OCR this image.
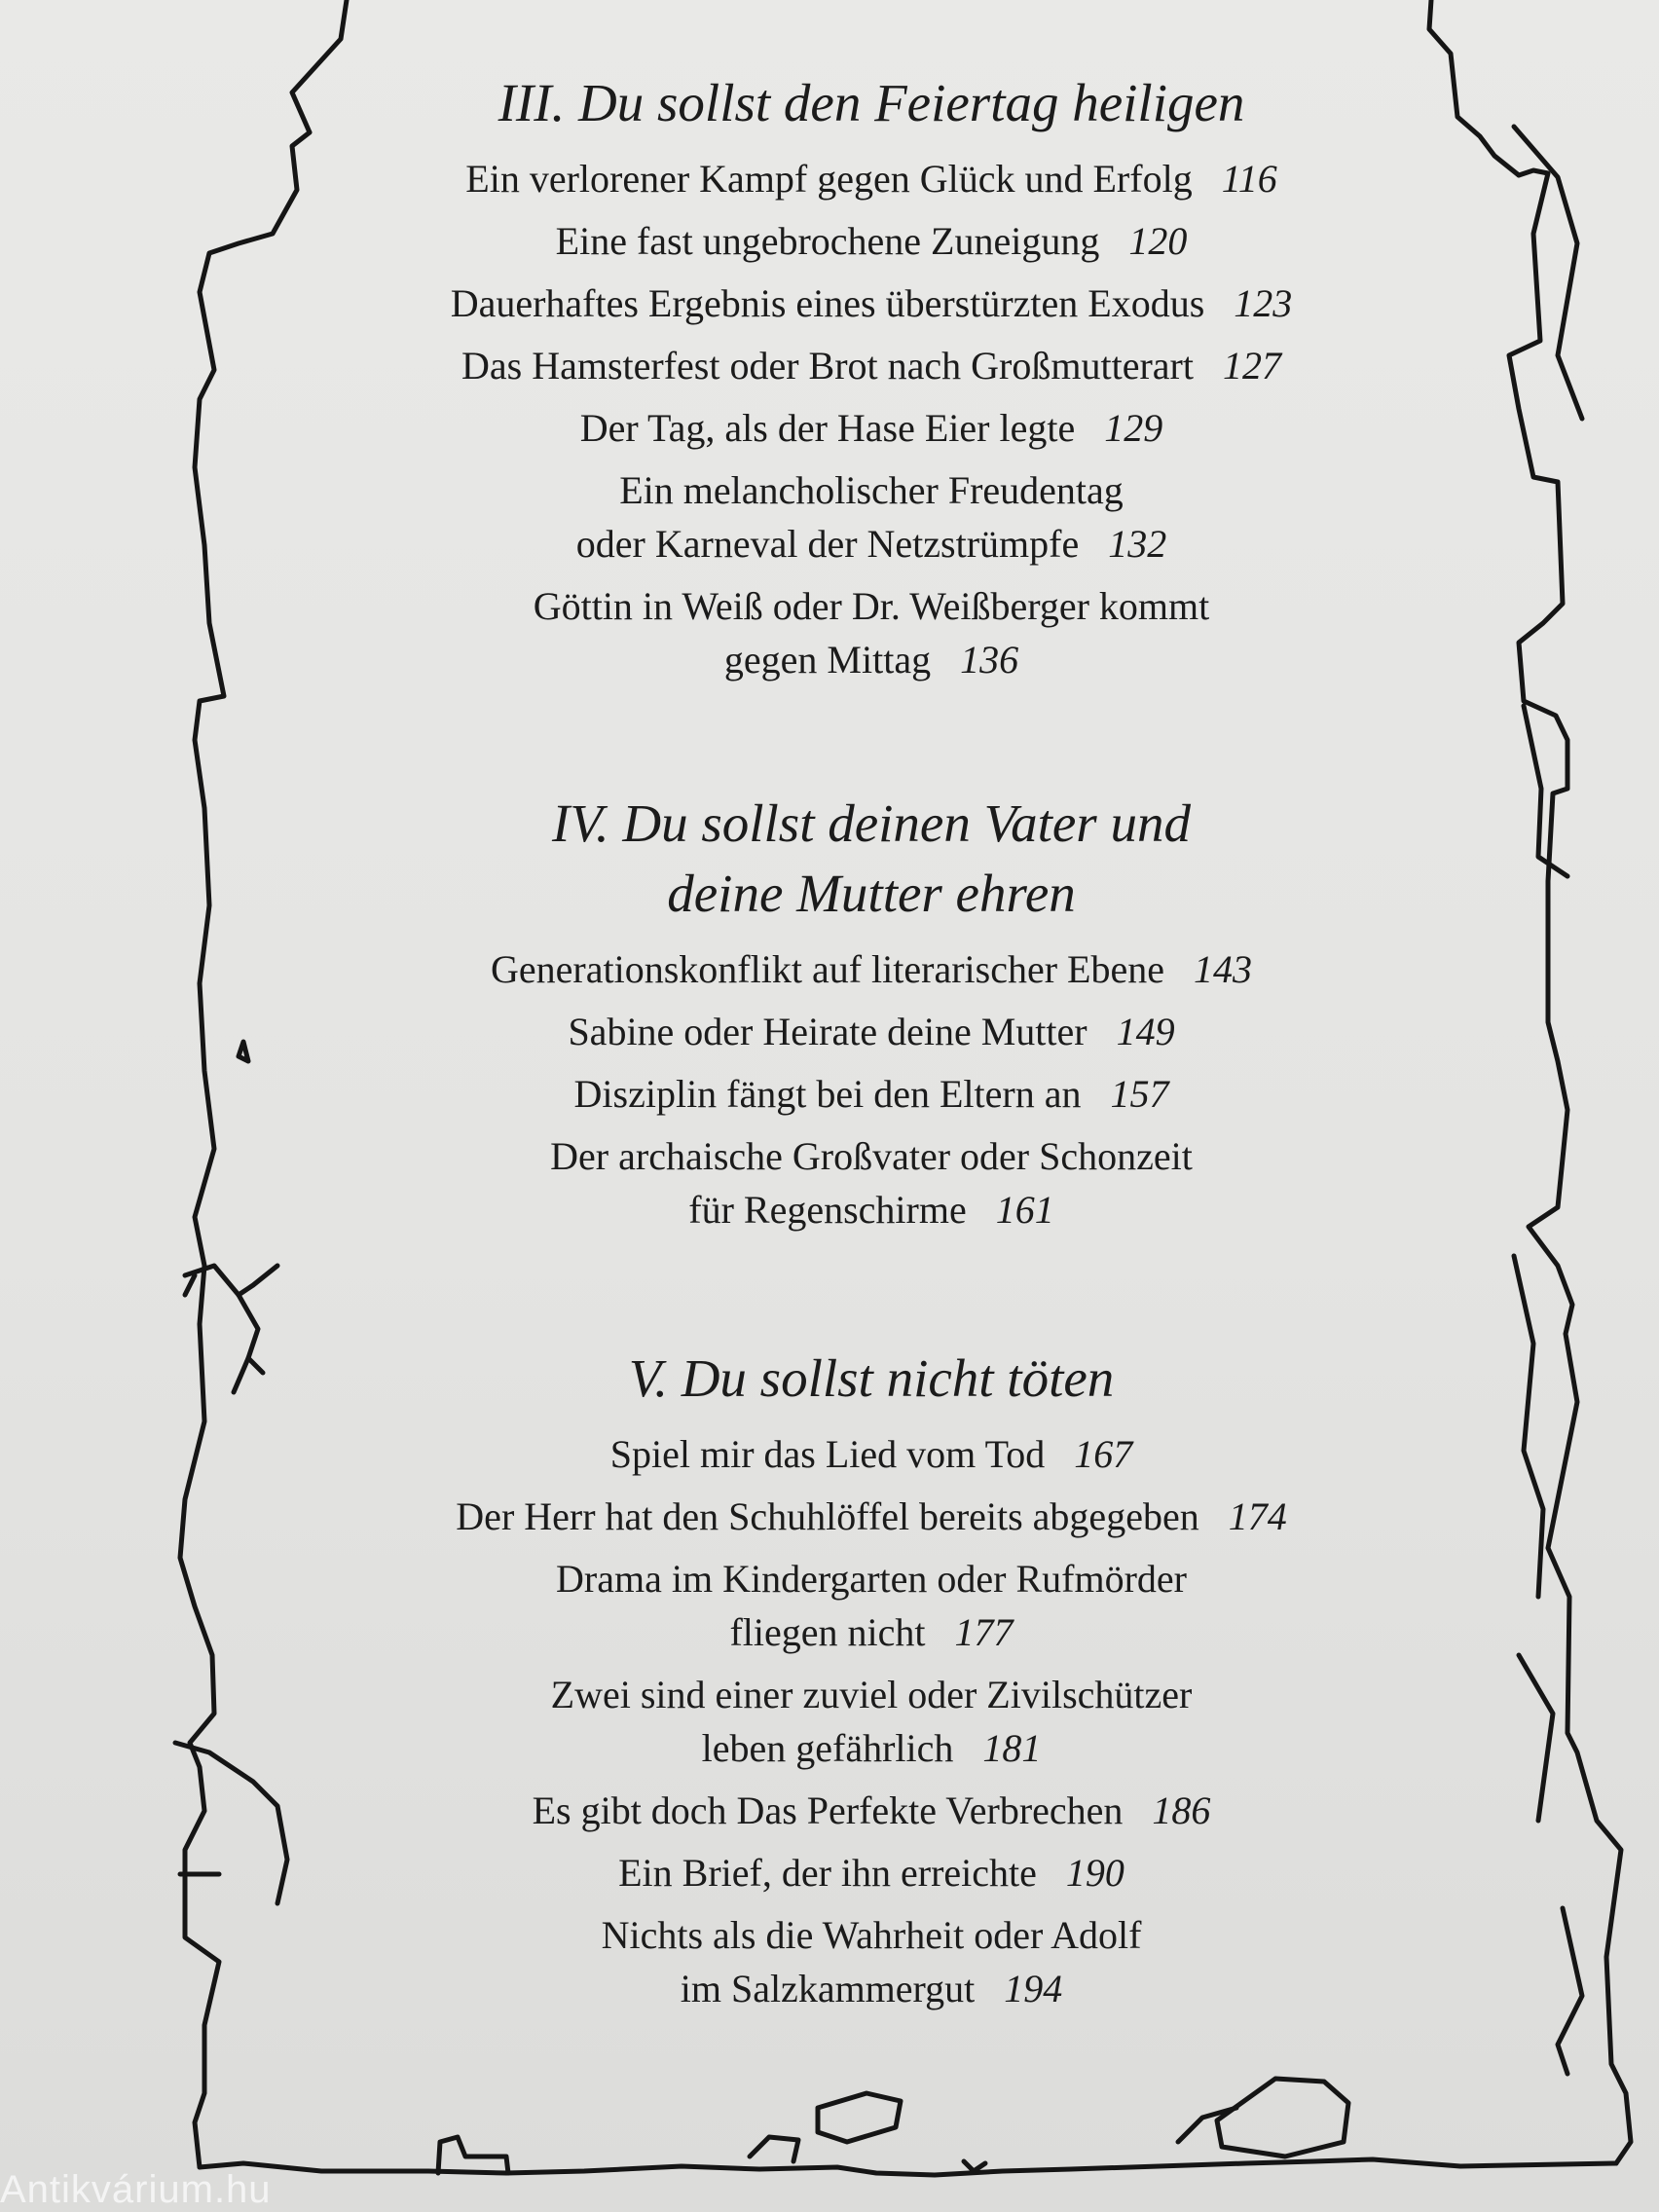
III. Du sollst den Feiertag heiligen
Ein verlorener Kampf gegen Glück und Erfolg 116
Eine fast ungebrochene Zuneigung 120
Dauerhaftes Ergebnis eines überstürzten Exodus 123
Das Hamsterfest oder Brot nach Großmutterart 127
Der Tag, als der Hase Eier legte 129
Ein melancholischer Freudentag
oder Karneval der Netzstrümpfe 132
Göttin in Weiß oder Dr. Weißberger kommt
gegen Mittag 136
IV. Du sollst deinen Vater und
deine Mutter ehren
Generationskonflikt auf literarischer Ebene 143
Sabine oder Heirate deine Mutter 149
Disziplin fängt bei den Eltern an 157
Der archaische Großvater oder Schonzeit
für Regenschirme 161
V. Du sollst nicht töten
Spiel mir das Lied vom Tod 167
Der Herr hat den Schuhlöffel bereits abgegeben 174
Drama im Kindergarten oder Rufmörder
fliegen nicht 177
Zwei sind einer zuviel oder Zivilschützer
leben gefährlich 181
Es gibt doch Das Perfekte Verbrechen 186
Ein Brief, der ihn erreichte 190
Nichts als die Wahrheit oder Adolf
im Salzkammergut 194
Antikvárium.hu
